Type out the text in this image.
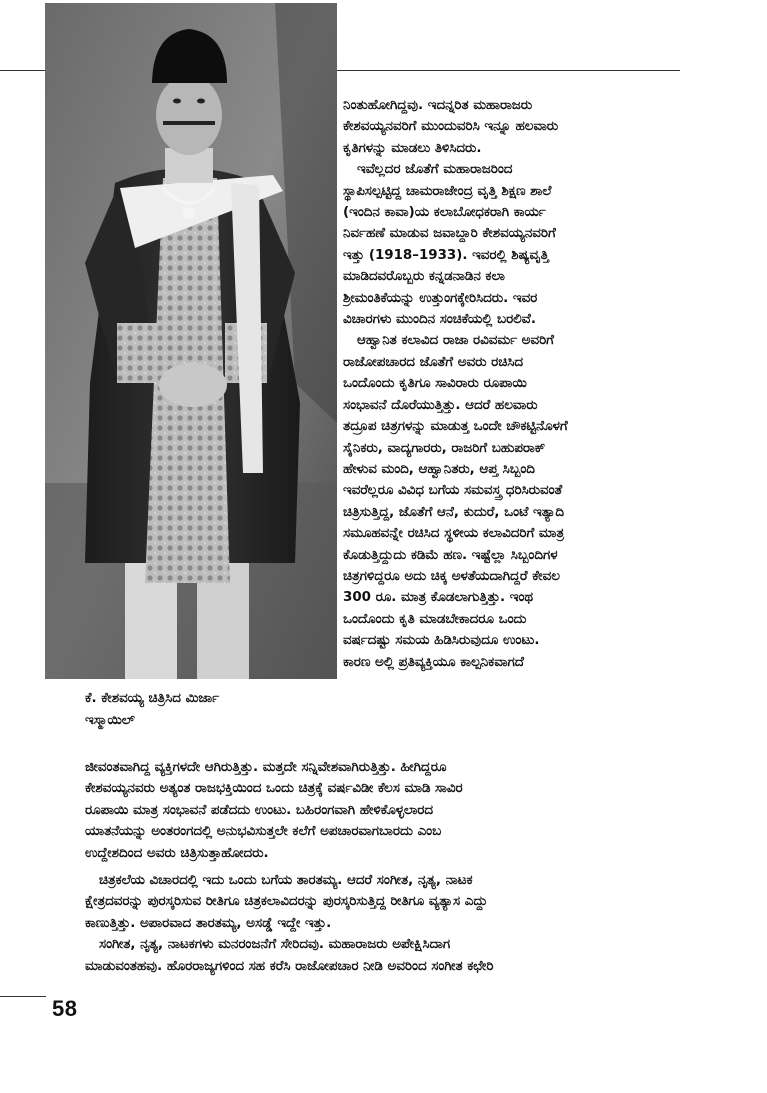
ಕೆ. ಕೇಶವಯ್ಯ ಚಿತ್ರಿಸಿದ ಮಿರ್ಜಾ
ಇಸ್ಮಾಯಿಲ್
ನಿಂತುಹೋಗಿದ್ದವು. ಇದನ್ನರಿತ ಮಹಾರಾಜರು
ಕೇಶವಯ್ಯನವರಿಗೆ ಮುಂದುವರಿಸಿ ಇನ್ನೂ ಹಲವಾರು
ಕೃತಿಗಳನ್ನು ಮಾಡಲು ತಿಳಿಸಿದರು.
ಇವೆಲ್ಲದರ ಜೊತೆಗೆ ಮಹಾರಾಜರಿಂದ
ಸ್ಥಾಪಿಸಲ್ಪಟ್ಟಿದ್ದ ಚಾಮರಾಜೇಂದ್ರ ವೃತ್ತಿ ಶಿಕ್ಷಣ ಶಾಲೆ
(ಇಂದಿನ ಕಾವಾ)ಯ ಕಲಾಬೋಧಕರಾಗಿ ಕಾರ್ಯ
ನಿರ್ವಹಣೆ ಮಾಡುವ ಜವಾಬ್ದಾರಿ ಕೇಶವಯ್ಯನವರಿಗೆ
ಇತ್ತು (1918–1933). ಇವರಲ್ಲಿ ಶಿಷ್ಯವೃತ್ತಿ
ಮಾಡಿದವರೊಬ್ಬರು ಕನ್ನಡನಾಡಿನ ಕಲಾ
ಶ್ರೀಮಂತಿಕೆಯನ್ನು ಉತ್ತುಂಗಕ್ಕೇರಿಸಿದರು. ಇವರ
ವಿಚಾರಗಳು ಮುಂದಿನ ಸಂಚಿಕೆಯಲ್ಲಿ ಬರಲಿವೆ.
ಆಹ್ವಾನಿತ ಕಲಾವಿದ ರಾಜಾ ರವಿವರ್ಮ ಅವರಿಗೆ
ರಾಜೋಪಚಾರದ ಜೊತೆಗೆ ಅವರು ರಚಿಸಿದ
ಒಂದೊಂದು ಕೃತಿಗೂ ಸಾವಿರಾರು ರೂಪಾಯಿ
ಸಂಭಾವನೆ ದೊರೆಯುತ್ತಿತ್ತು. ಆದರೆ ಹಲವಾರು
ತದ್ರೂಪ ಚಿತ್ರಗಳನ್ನು ಮಾಡುತ್ತ ಒಂದೇ ಚೌಕಟ್ಟಿನೊಳಗೆ
ಸೈನಿಕರು, ವಾದ್ಯಗಾರರು, ರಾಜರಿಗೆ ಬಹುಪರಾಕ್
ಹೇಳುವ ಮಂದಿ, ಆಹ್ವಾನಿತರು, ಆಪ್ತ ಸಿಬ್ಬಂದಿ
ಇವರೆಲ್ಲರೂ ವಿವಿಧ ಬಗೆಯ ಸಮವಸ್ತ್ರ ಧರಿಸಿರುವಂತೆ
ಚಿತ್ರಿಸುತ್ತಿದ್ದ, ಜೊತೆಗೆ ಆನೆ, ಕುದುರೆ, ಒಂಟೆ ಇತ್ಯಾದಿ
ಸಮೂಹವನ್ನೇ ರಚಿಸಿದ ಸ್ಥಳೀಯ ಕಲಾವಿದರಿಗೆ ಮಾತ್ರ
ಕೊಡುತ್ತಿದ್ದುದು ಕಡಿಮೆ ಹಣ. ಇಷ್ಟೆಲ್ಲಾ ಸಿಬ್ಬಂದಿಗಳ
ಚಿತ್ರಗಳಿದ್ದರೂ ಅದು ಚಿಕ್ಕ ಅಳತೆಯದಾಗಿದ್ದರೆ ಕೇವಲ
300 ರೂ. ಮಾತ್ರ ಕೊಡಲಾಗುತ್ತಿತ್ತು. ಇಂಥ
ಒಂದೊಂದು ಕೃತಿ ಮಾಡಬೇಕಾದರೂ ಒಂದು
ವರ್ಷದಷ್ಟು ಸಮಯ ಹಿಡಿಸಿರುವುದೂ ಉಂಟು.
ಕಾರಣ ಅಲ್ಲಿ ಪ್ರತಿವ್ಯಕ್ತಿಯೂ ಕಾಲ್ಪನಿಕವಾಗದೆ
ಜೀವಂತವಾಗಿದ್ದ ವ್ಯಕ್ತಿಗಳದೇ ಆಗಿರುತ್ತಿತ್ತು. ಮತ್ತದೇ ಸನ್ನಿವೇಶವಾಗಿರುತ್ತಿತ್ತು. ಹೀಗಿದ್ದರೂ
ಕೇಶವಯ್ಯನವರು ಅತ್ಯಂತ ರಾಜಭಕ್ತಿಯಿಂದ ಒಂದು ಚಿತ್ರಕ್ಕೆ ವರ್ಷವಿಡೀ ಕೆಲಸ ಮಾಡಿ ಸಾವಿರ
ರೂಪಾಯಿ ಮಾತ್ರ ಸಂಭಾವನೆ ಪಡೆದದು ಉಂಟು. ಬಹಿರಂಗವಾಗಿ ಹೇಳಿಕೊಳ್ಳಲಾರದ
ಯಾತನೆಯನ್ನು ಅಂತರಂಗದಲ್ಲಿ ಅನುಭವಿಸುತ್ತಲೇ ಕಲೆಗೆ ಅಪಚಾರವಾಗಬಾರದು ಎಂಬ
ಉದ್ದೇಶದಿಂದ ಅವರು ಚಿತ್ರಿಸುತ್ತಾಹೋದರು.
ಚಿತ್ರಕಲೆಯ ವಿಚಾರದಲ್ಲಿ ಇದು ಒಂದು ಬಗೆಯ ತಾರತಮ್ಯ. ಆದರೆ ಸಂಗೀತ, ನೃತ್ಯ, ನಾಟಕ
ಕ್ಷೇತ್ರದವರನ್ನು ಪುರಸ್ಕರಿಸುವ ರೀತಿಗೂ ಚಿತ್ರಕಲಾವಿದರನ್ನು ಪುರಸ್ಕರಿಸುತ್ತಿದ್ದ ರೀತಿಗೂ ವ್ಯತ್ಯಾಸ ಎದ್ದು
ಕಾಣುತ್ತಿತ್ತು. ಅಪಾರವಾದ ತಾರತಮ್ಯ, ಅಸಡ್ಡೆ ಇದ್ದೇ ಇತ್ತು.
ಸಂಗೀತ, ನೃತ್ಯ, ನಾಟಕಗಳು ಮನರಂಜನೆಗೆ ಸೇರಿದವು. ಮಹಾರಾಜರು ಅಪೇಕ್ಷಿಸಿದಾಗ
ಮಾಡುವಂತಹವು. ಹೊರರಾಜ್ಯಗಳಿಂದ ಸಹ ಕರೆಸಿ ರಾಜೋಪಚಾರ ನೀಡಿ ಅವರಿಂದ ಸಂಗೀತ ಕಛೇರಿ
58
